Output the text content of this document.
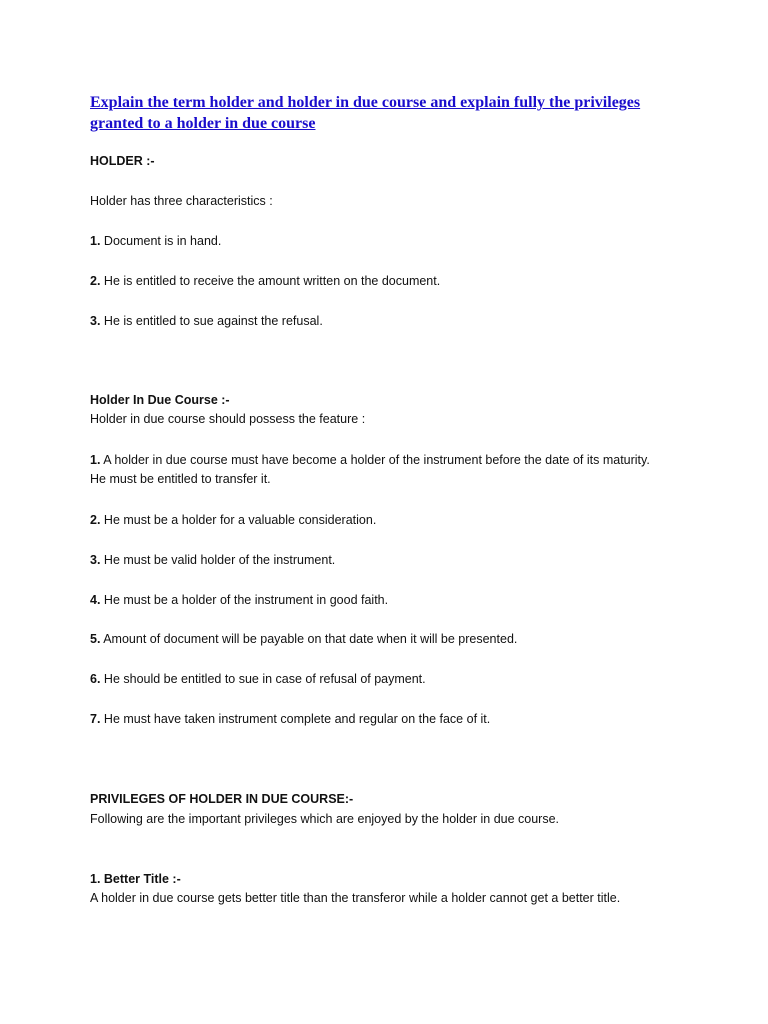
Explain the term holder and holder in due course and explain fully the privileges
granted to a holder in due course

HOLDER :-

Holder has three characteristics :

1. Document is in hand.

2. He is entitled to receive the amount written on the document.

3. He is entitled to sue against the refusal.

Holder In Due Course :-

Holder in due course should possess the feature :

1. A holder in due course must have become a holder of the instrument before the date of its maturity.

He must be entitled to transfer it.

2. He must be a holder for a valuable consideration.

3. He must be valid holder of the instrument.

4. He must be a holder of the instrument in good faith.

5. Amount of document will be payable on that date when it will be presented.

6. He should be entitled to sue in case of refusal of payment.

7. He must have taken instrument complete and regular on the face of it.

PRIVILEGES OF HOLDER IN DUE COURSE:-

Following are the important privileges which are enjoyed by the holder in due course.

1. Better Title :-

A holder in due course gets better title than the transferor while a holder cannot get a better title.
